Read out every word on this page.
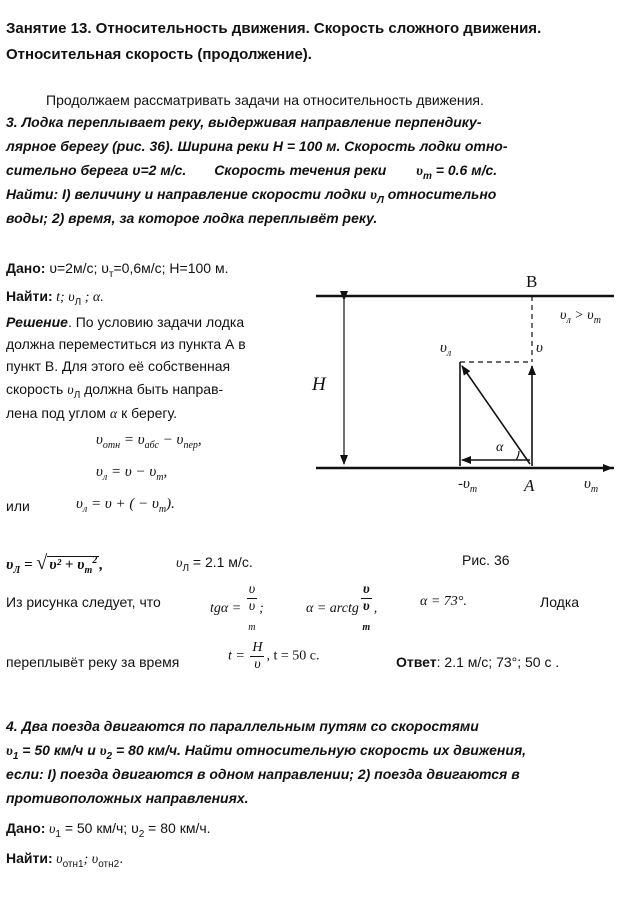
Занятие 13. Относительность движения. Скорость сложного движения.
Относительная скорость (продолжение).
Продолжаем рассматривать задачи на относительность движения.
3. Лодка переплывает реку, выдерживая направление перпендику-
лярное берегу (рис. 36). Ширина реки H = 100 м. Скорость лодки отно-
сительно берега υ=2 м/с. Скорость течения реки $\upsilon_т = 0.6$ м/с.
Найти: I) величину и направление скорости лодки $\upsilon_Л$ относительно
воды; 2) время, за которое лодка переплывёт реку.
Дано: υ=2м/с; $\upsilon_т=0,6м/с$; H=100 м.
Найти: t; $\upsilon_Л$ ; α.
Решение. По условию задачи лодка
должна переместиться из пункта А в
пункт В. Для этого её собственная
скорость $\upsilon_Л$ должна быть направ-
лена под углом α к берегу.
$\upsilon_{отн} = \upsilon_{абс} - \upsilon_{пер}$,
$\upsilon_л = \upsilon - \upsilon_т$,
или	$\upsilon_л = \upsilon$ + ( − $\upsilon_т$).
$\upsilon_Л$ = √ $\upsilon^2 + \upsilon_т^2$ ,	$\upsilon_Л = 2.1$ м/с.	Рис. 36
Из рисунка следует, что	tgα = υ
υ
$_т$ ;	α = arctg υ
υ
$_т$ ,	α = 73°.	Лодка
переплывёт реку за время	$t = \frac{H}{\upsilon}$ , t = 50 с.	Ответ: 2.1 м/с; 73°; 50 с .
B
A
H
α
$\upsilon_л$	υ
$\upsilon_л > \upsilon_т$
$-\upsilon_т$	$\upsilon_т$
4. Два поезда двигаются по параллельным путям со скоростями
$\upsilon_1 = 50$ км/ч и $\upsilon_2 = 80$ км/ч. Найти относительную скорость их движения,
если: I) поезда двигаются в одном направлении; 2) поезда двигаются в
противоположных направлениях.
Дано: $\upsilon_1 = 50$ км/ч; $\upsilon_2 = 80$ км/ч.
Найти: $\upsilon_{отн1}$; $\upsilon_{отн2}$.
